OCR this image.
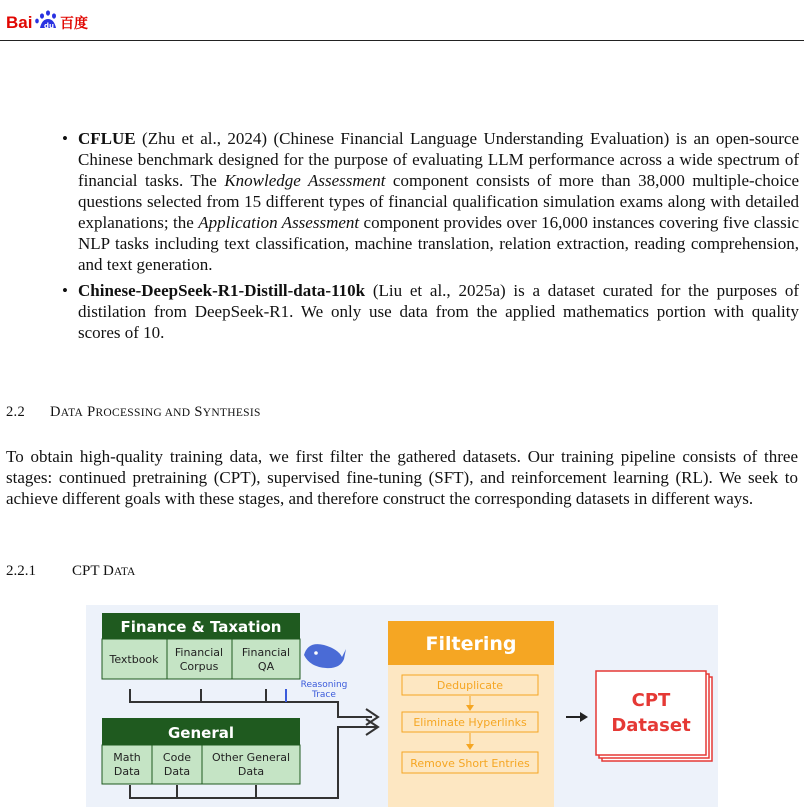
Bai du 百度
• CFLUE (Zhu et al., 2024) (Chinese Financial Language Understanding Evaluation) is an open-source Chinese benchmark designed for the purpose of evaluating LLM performance across a wide spectrum of financial tasks. The Knowledge Assessment component consists of more than 38,000 multiple-choice questions selected from 15 different types of financial qualification simulation exams along with detailed explanations; the Application Assessment component provides over 16,000 instances covering five classic NLP tasks including text classification, machine translation, relation extraction, reading comprehension, and text generation.
• Chinese-DeepSeek-R1-Distill-data-110k (Liu et al., 2025a) is a dataset curated for the purposes of distilation from DeepSeek-R1. We only use data from the applied mathematics portion with quality scores of 10.
2.2 DATA PROCESSING AND SYNTHESIS
To obtain high-quality training data, we first filter the gathered datasets. Our training pipeline consists of three stages: continued pretraining (CPT), supervised fine-tuning (SFT), and reinforcement learning (RL). We seek to achieve different goals with these stages, and therefore construct the corresponding datasets in different ways.
2.2.1 CPT DATA
Finance & Taxation
Textbook
Financial
Corpus
Financial
QA
Reasoning
Trace
General
Math
Data
Code
Data
Other General
Data
Filtering
Deduplicate
Eliminate Hyperlinks
Remove Short Entries
CPT
Dataset
